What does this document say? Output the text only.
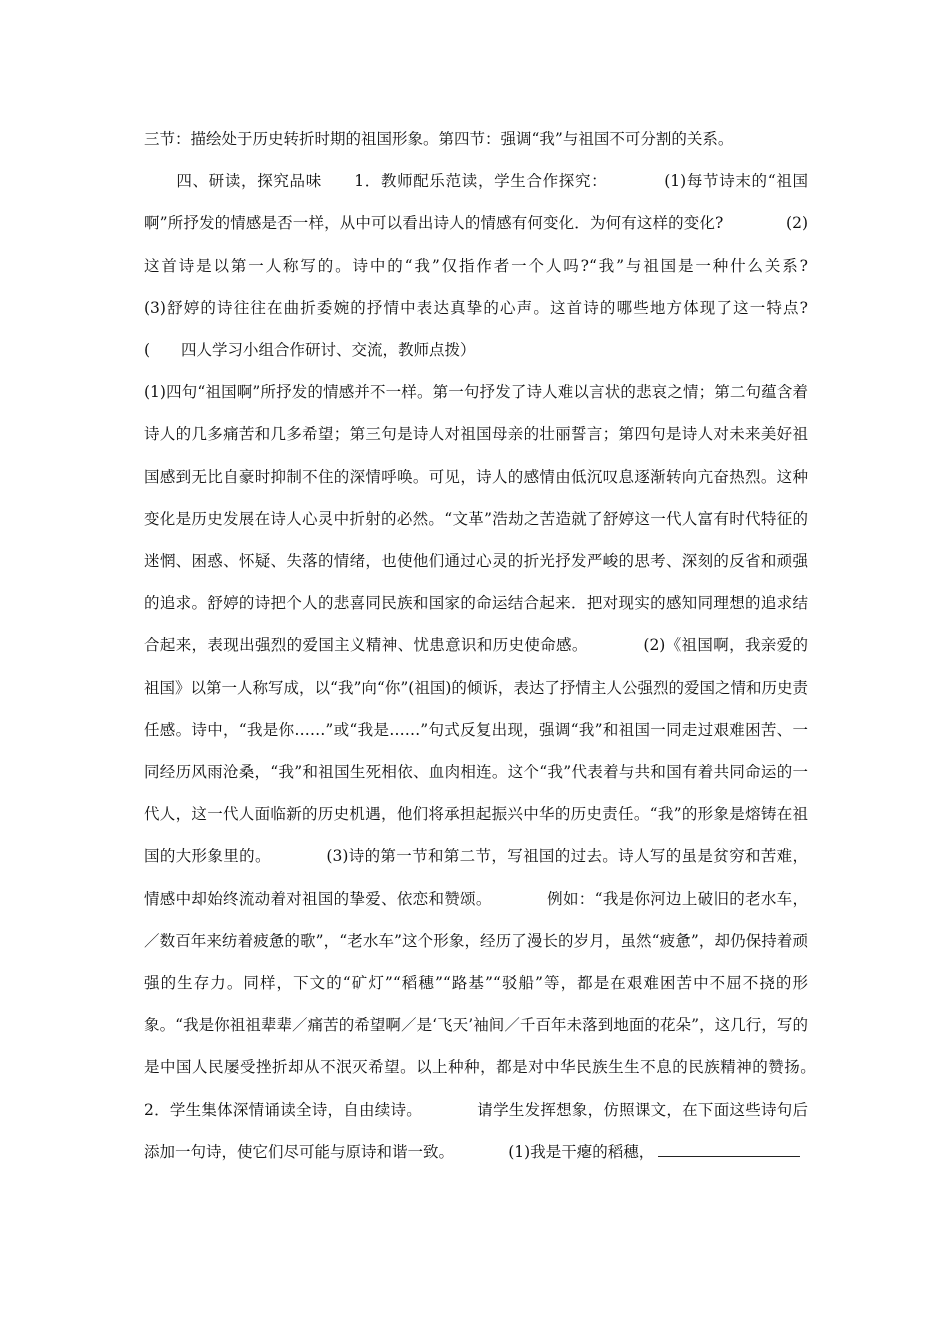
三节：描绘处于历史转折时期的祖国形象。第四节：强调“我”与祖国不可分割的关系。

　　四、研读，探究品味　　1．教师配乐范读，学生合作探究：　　　　(1)每节诗末的“祖国啊”所抒发的情感是否一样，从中可以看出诗人的情感有何变化．为何有这样的变化?　　　　(2)这首诗是以第一人称写的。诗中的“我”仅指作者一个人吗?“我”与祖国是一种什么关系?　　　　(3)舒婷的诗往往在曲折委婉的抒情中表达真挚的心声。这首诗的哪些地方体现了这一特点?　　　　(　　四人学习小组合作研讨、交流，教师点拨）

(1)四句“祖国啊”所抒发的情感并不一样。第一句抒发了诗人难以言状的悲哀之情；第二句蕴含着诗人的几多痛苦和几多希望；第三句是诗人对祖国母亲的壮丽誓言；第四句是诗人对未来美好祖国感到无比自豪时抑制不住的深情呼唤。可见，诗人的感情由低沉叹息逐渐转向亢奋热烈。这种变化是历史发展在诗人心灵中折射的必然。“文革”浩劫之苦造就了舒婷这一代人富有时代特征的迷惘、困惑、怀疑、失落的情绪，也使他们通过心灵的折光抒发严峻的思考、深刻的反省和顽强的追求。舒婷的诗把个人的悲喜同民族和国家的命运结合起来．把对现实的感知同理想的追求结合起来，表现出强烈的爱国主义精神、忧患意识和历史使命感。　　　　(2)《祖国啊，我亲爱的祖国》以第一人称写成，以“我”向“你”(祖国)的倾诉，表达了抒情主人公强烈的爱国之情和历史责任感。诗中，“我是你……”或“我是……”句式反复出现，强调“我”和祖国一同走过艰难困苦、一同经历风雨沧桑，“我”和祖国生死相依、血肉相连。这个“我”代表着与共和国有着共同命运的一代人，这一代人面临新的历史机遇，他们将承担起振兴中华的历史责任。“我”的形象是熔铸在祖国的大形象里的。　　　　(3)诗的第一节和第二节，写祖国的过去。诗人写的虽是贫穷和苦难，情感中却始终流动着对祖国的挚爱、依恋和赞颂。　　　　例如：“我是你河边上破旧的老水车，／数百年来纺着疲惫的歌”，“老水车”这个形象，经历了漫长的岁月，虽然“疲惫”，却仍保持着顽强的生存力。同样，下文的“矿灯”“稻穗”“路基”“驳船”等，都是在艰难困苦中不屈不挠的形象。“我是你祖祖辈辈／痛苦的希望啊／是‘飞天’袖间／千百年未落到地面的花朵”，这几行，写的是中国人民屡受挫折却从不泯灭希望。以上种种，都是对中华民族生生不息的民族精神的赞扬。　　　　2．学生集体深情诵读全诗，自由续诗。　　　　请学生发挥想象，仿照课文，在下面这些诗句后添加一句诗，使它们尽可能与原诗和谐一致。　　　　(1)我是干瘪的稻穗，
